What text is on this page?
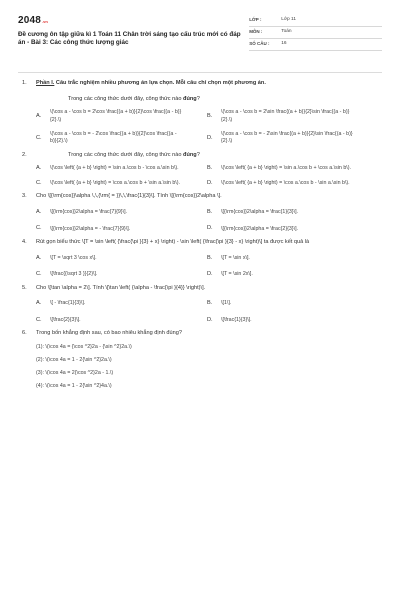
2048 .vn
Đề cương ôn tập giữa kì 1 Toán 11 Chân trời sáng tạo cấu trúc mới có đáp án - Bài 3: Các công thức lượng giác
LỚP :	Lớp 11
MÔN :	Toán
SỐ CÂU :	16
1.	Phần I. Câu trắc nghiệm nhiều phương án lựa chọn. Mỗi câu chỉ chọn một phương án.
Trong các công thức dưới đây, công thức nào đúng?
A.
\(\cos a - \cos b = 2\cos \frac{(a + b)}{2}\cos \frac{(a - b)}{2}.\)
B.
\(\cos a - \cos b = 2\sin \frac{(a + b)}{2}\sin \frac{(a - b)}{2}.\)
C.
\(\cos a - \cos b = - 2\cos \frac{(a + b)}{2}\cos \frac{(a - b)}{2}.\)
D.
\(\cos a - \cos b = - 2\sin \frac{(a + b)}{2}\sin \frac{(a - b)}{2}.\)
2.	Trong các công thức dưới đây, công thức nào đúng?
A.	\(\cos \left( {a + b} \right) = \sin a.\cos b - \cos a.\sin b\).	B.	\(\cos \left( {a + b} \right) = \sin a.\cos b + \cos a.\sin b\).
C.	\(\cos \left( {a + b} \right) = \cos a.\cos b + \sin a.\sin b\).	D.	\(\cos \left( {a + b} \right) = \cos a.\cos b - \sin a.\sin b\).
3.	Cho \[{\rm{cos}}\alpha \,\,{\rm{ = }}\,\,\frac{1}{3}\]. Tính \[{\rm{cos}}2\alpha \].
A.	\[{\rm{cos}}2\alpha = \frac{7}{9}\].	B.	\[{\rm{cos}}2\alpha = \frac{1}{3}\].
C.	\[{\rm{cos}}2\alpha = - \frac{7}{9}\].	D.	\[{\rm{cos}}2\alpha = \frac{2}{3}\].
4.	Rút gọn biểu thức \[T = \sin \left( {\frac{\pi }{3} + x} \right) - \sin \left( {\frac{\pi }{3} - x} \right)\] ta được kết quả là
A.	\[T = \sqrt 3 \cos x\].	B.	\[T = \sin x\].
C.	\[\frac{{\sqrt 3 }}{2}\].	D.	\[T = \sin 2x\].
5.	Cho \[\tan \alpha = 2\]. Tính \[\tan \left( {\alpha - \frac{\pi }{4}} \right)\].
A.	\[ - \frac{1}{3}\].	B.	\[1\].
C.	\[\frac{2}{3}\].	D.	\[\frac{1}{3}\].
6.	Trong bốn khẳng định sau, có bao nhiêu khẳng định đúng?
(1): \(\cos 4a = {\cos ^2}2a - {\sin ^2}2a.\)
(2): \(\cos 4a = 1 - 2{\sin ^2}2a.\)
(3): \(\cos 4a = 2{\cos ^2}2a - 1.\)
(4): \(\cos 4a = 1 - 2{\sin ^2}4a.\)
